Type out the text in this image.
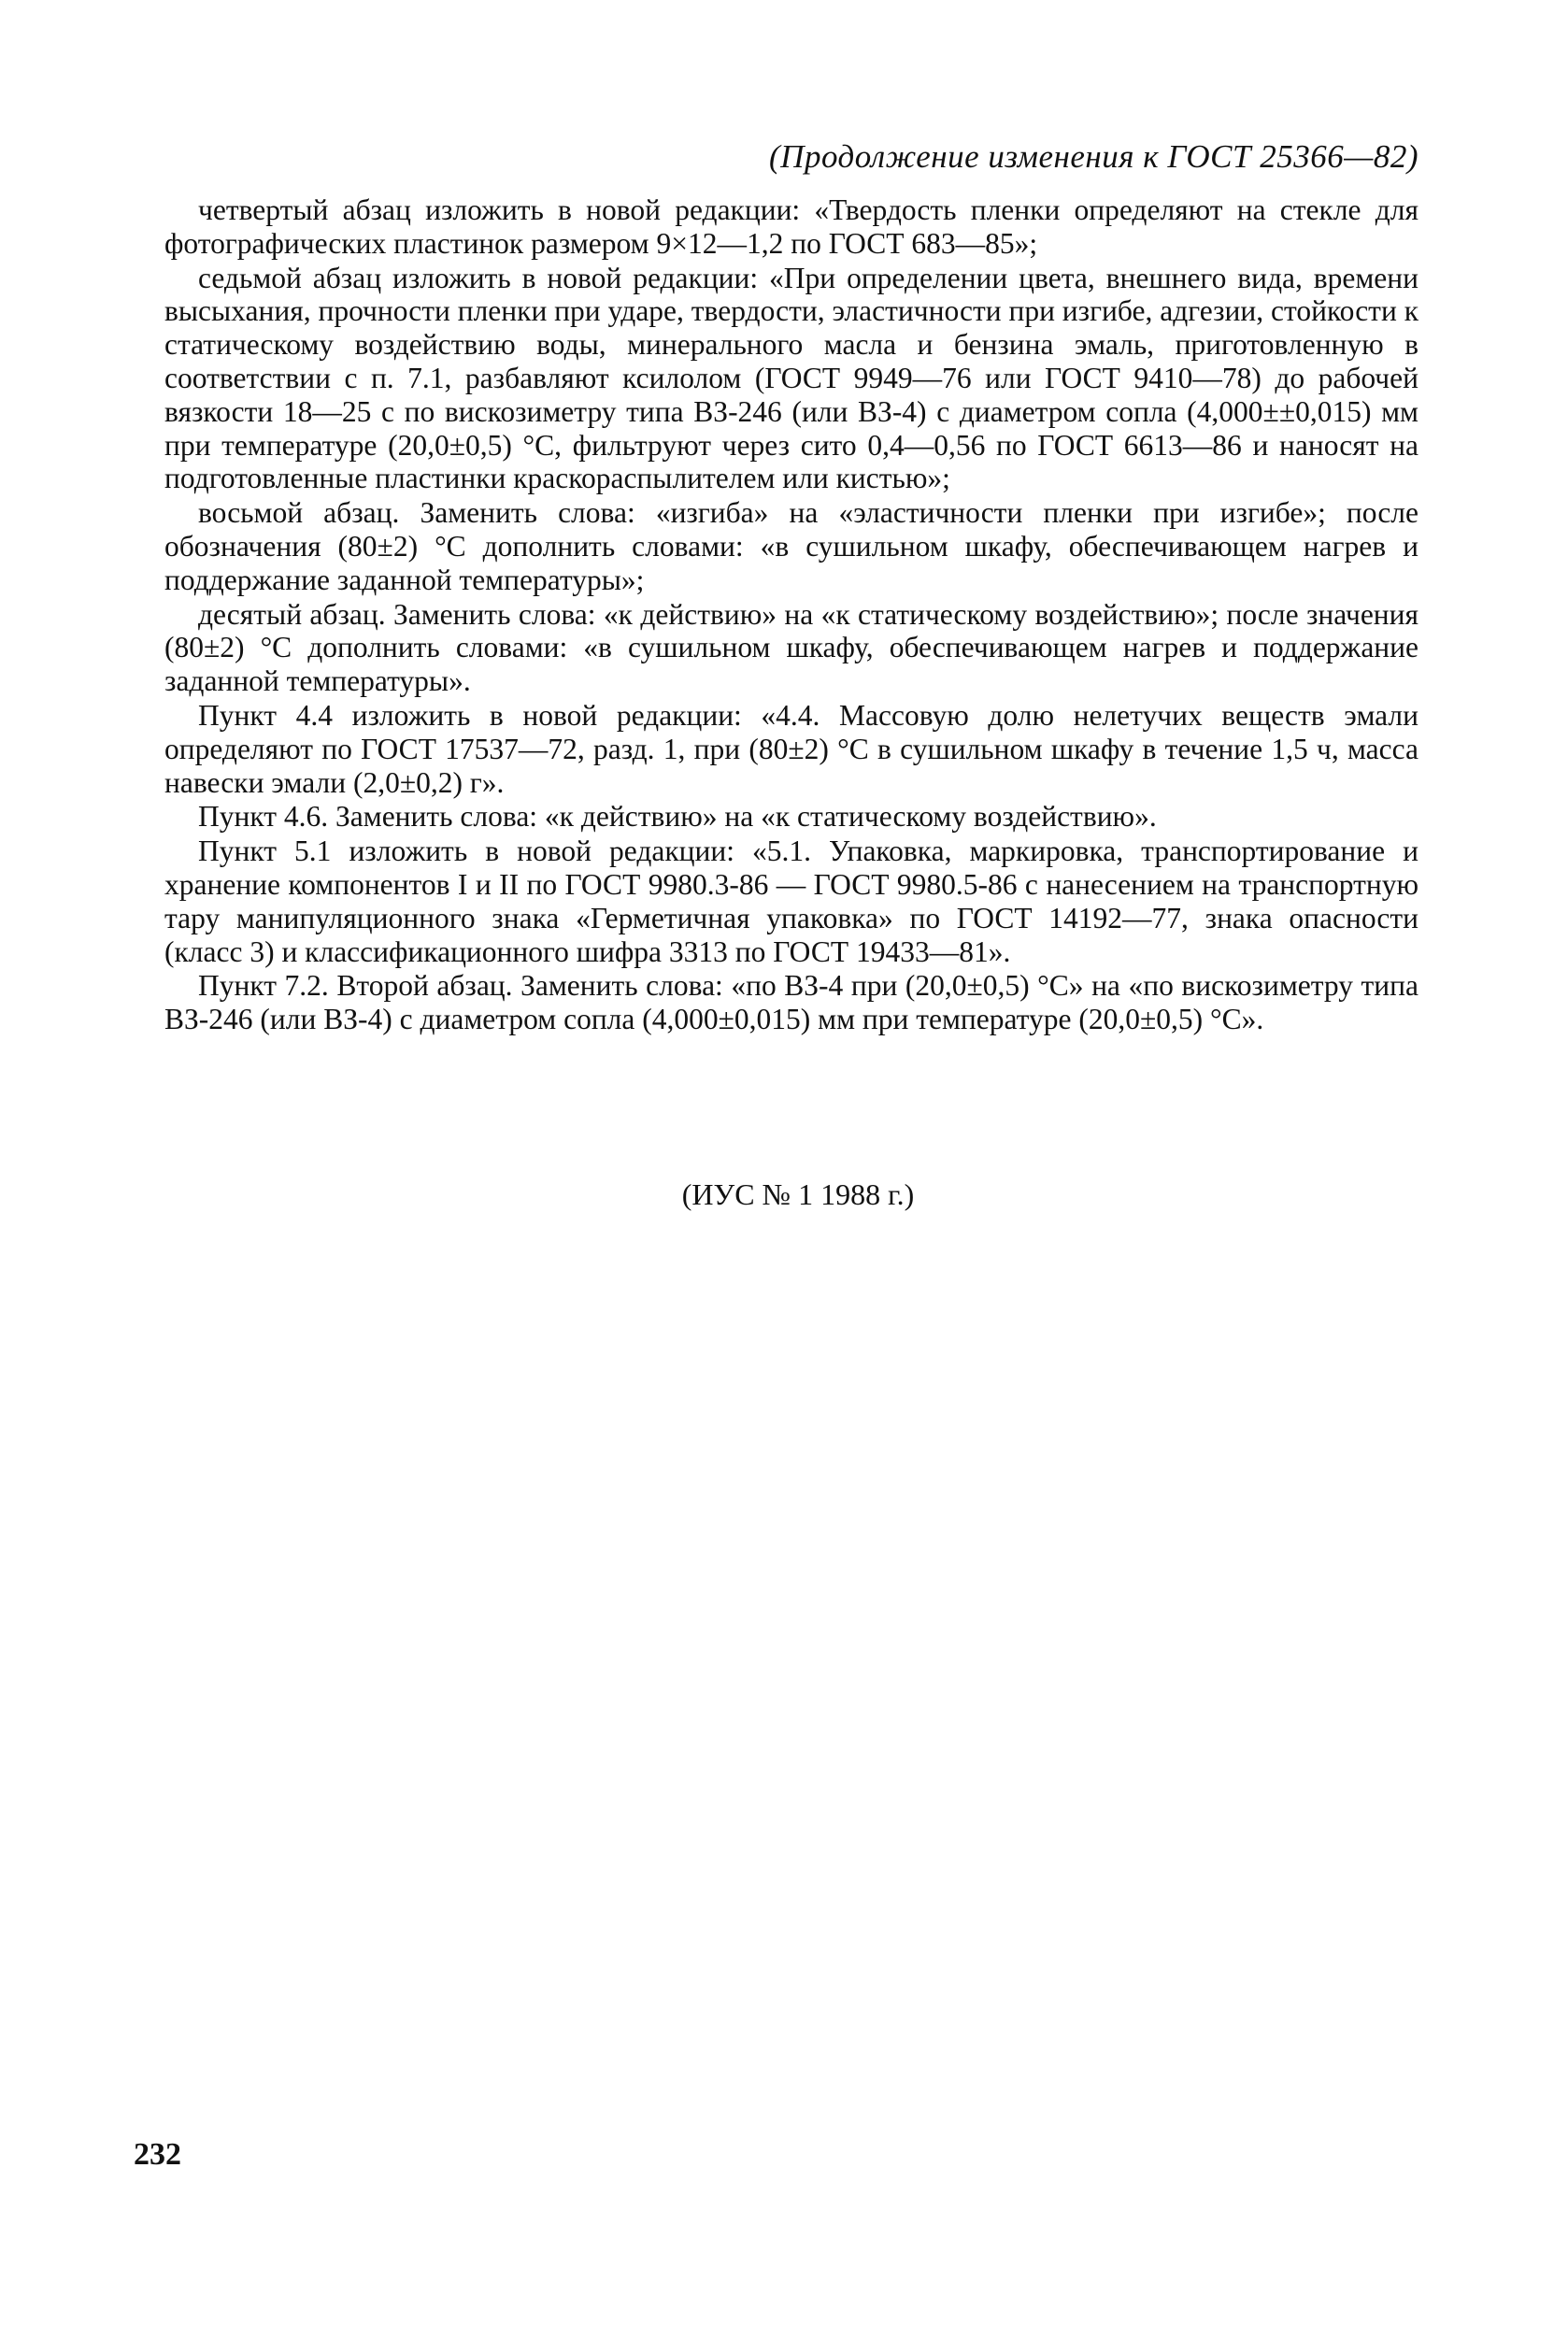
(Продолжение изменения к ГОСТ 25366—82)

четвертый абзац изложить в новой редакции: «Твердость пленки определяют на стекле для фотографических пластинок размером 9×12—1,2 по ГОСТ 683—85»;

седьмой абзац изложить в новой редакции: «При определении цвета, внешнего вида, времени высыхания, прочности пленки при ударе, твердости, эластичности при изгибе, адгезии, стойкости к статическому воздействию воды, минерального масла и бензина эмаль, приготовленную в соответствии с п. 7.1, разбавляют ксилолом (ГОСТ 9949—76 или ГОСТ 9410—78) до рабочей вязкости 18—25 с по вискозиметру типа ВЗ-246 (или ВЗ-4) с диаметром сопла (4,000±±0,015) мм при температуре (20,0±0,5) °С, фильтруют через сито 0,4—0,56 по ГОСТ 6613—86 и наносят на подготовленные пластинки краскораспылителем или кистью»;

восьмой абзац. Заменить слова: «изгиба» на «эластичности пленки при изгибе»; после обозначения (80±2) °С дополнить словами: «в сушильном шкафу, обеспечивающем нагрев и поддержание заданной температуры»;

десятый абзац. Заменить слова: «к действию» на «к статическому воздействию»; после значения (80±2) °С дополнить словами: «в сушильном шкафу, обеспечивающем нагрев и поддержание заданной температуры».

Пункт 4.4 изложить в новой редакции: «4.4. Массовую долю нелетучих веществ эмали определяют по ГОСТ 17537—72, разд. 1, при (80±2) °С в сушильном шкафу в течение 1,5 ч, масса навески эмали (2,0±0,2) г».

Пункт 4.6. Заменить слова: «к действию» на «к статическому воздействию».

Пункт 5.1 изложить в новой редакции: «5.1. Упаковка, маркировка, транспортирование и хранение компонентов I и II по ГОСТ 9980.3-86 — ГОСТ 9980.5-86 с нанесением на транспортную тару манипуляционного знака «Герметичная упаковка» по ГОСТ 14192—77, знака опасности (класс 3) и классификационного шифра 3313 по ГОСТ 19433—81».

Пункт 7.2. Второй абзац. Заменить слова: «по ВЗ-4 при (20,0±0,5) °С» на «по вискозиметру типа ВЗ-246 (или ВЗ-4) с диаметром сопла (4,000±0,015) мм при температуре (20,0±0,5) °С».

(ИУС № 1 1988 г.)
232
